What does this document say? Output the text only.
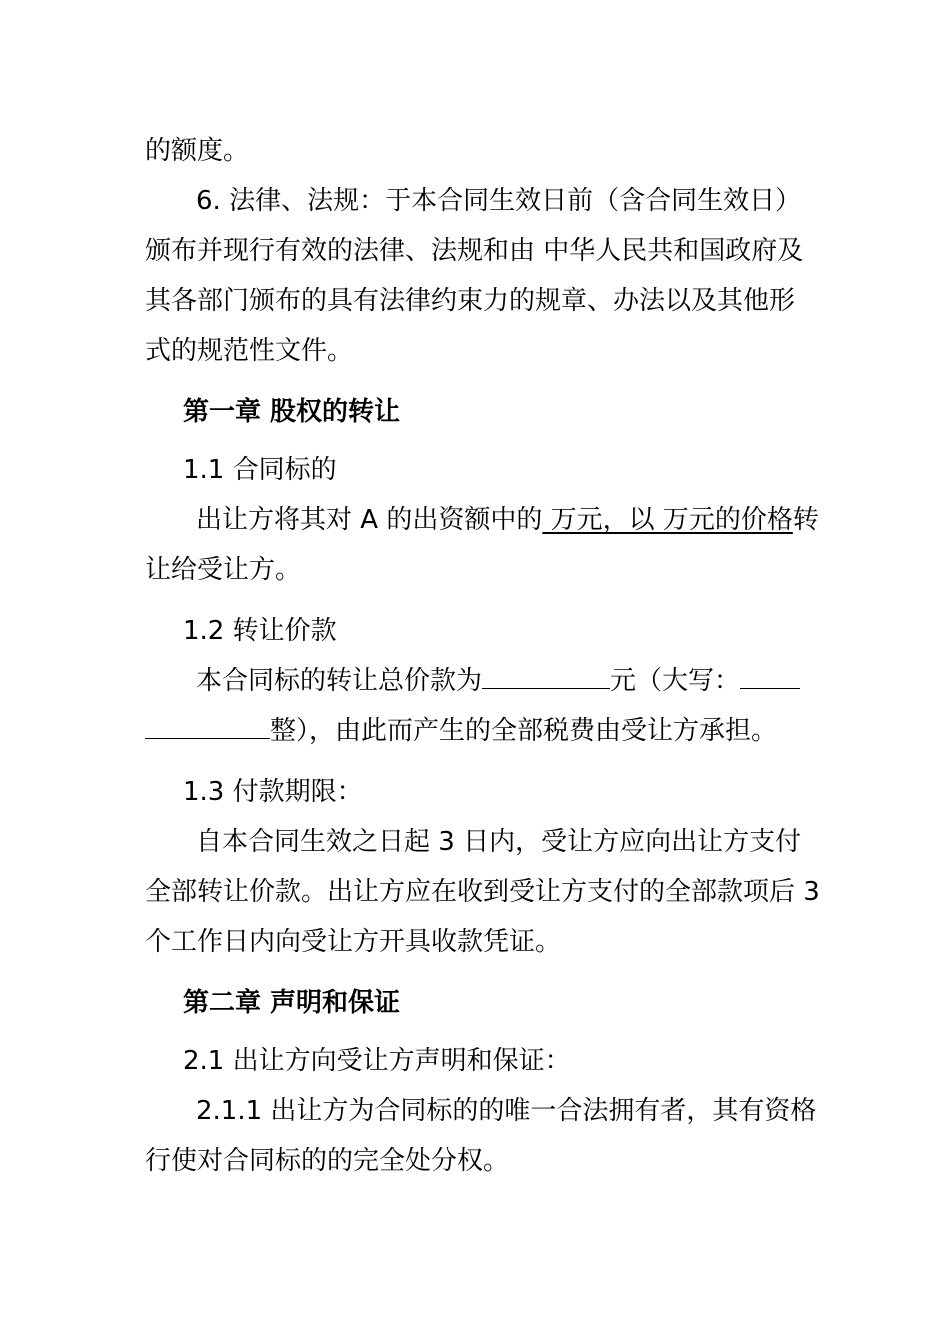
的额度。
6. 法律、法规：于本合同生效日前（含合同生效日）
颁布并现行有效的法律、法规和由 中华人民共和国政府及
其各部门颁布的具有法律约束力的规章、办法以及其他形
式的规范性文件。
第一章 股权的转让
1.1 合同标的
出让方将其对 A 的出资额中的 万元，以 万元的价格转
让给受让方。
1.2 转让价款
本合同标的转让总价款为	元（大写：
整），由此而产生的全部税费由受让方承担。
1.3 付款期限：
自本合同生效之日起 3 日内，受让方应向出让方支付
全部转让价款。出让方应在收到受让方支付的全部款项后 3
个工作日内向受让方开具收款凭证。
第二章 声明和保证
2.1 出让方向受让方声明和保证：
2.1.1 出让方为合同标的的唯一合法拥有者，其有资格
行使对合同标的的完全处分权。
